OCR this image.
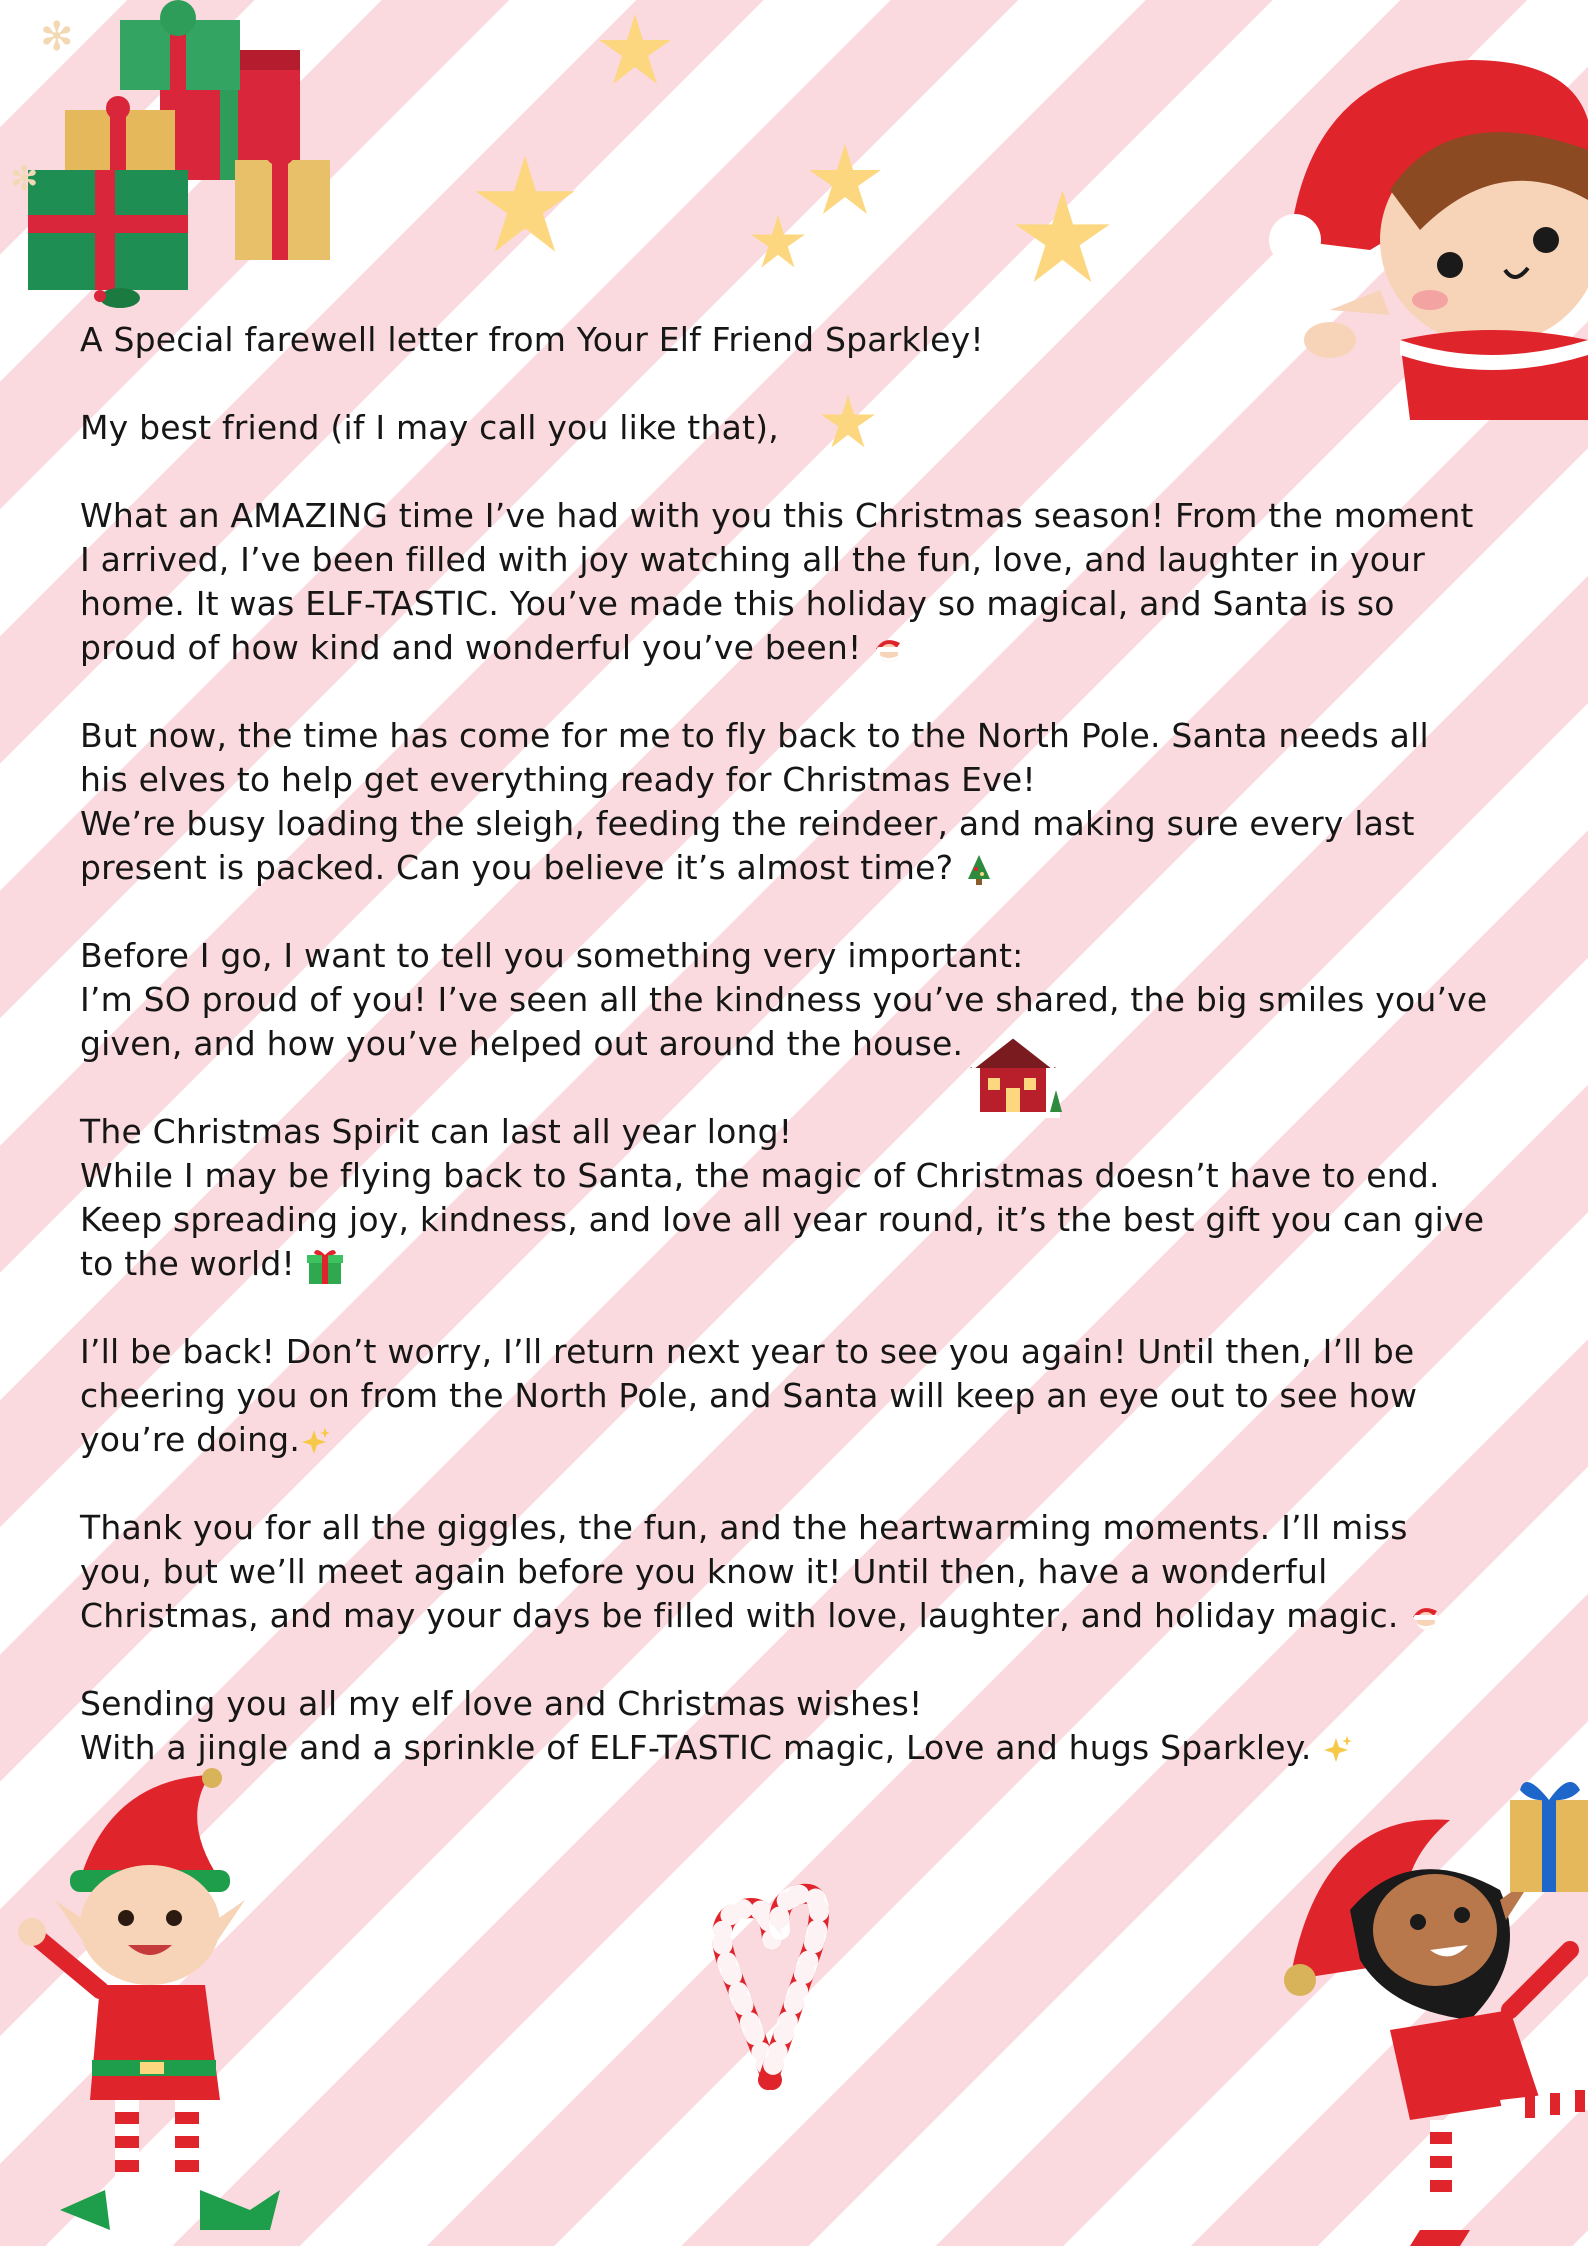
✻
✻

A Special farewell letter from Your Elf Friend Sparkley!

My best friend (if I may call you like that),

What an AMAZING time I’ve had with you this Christmas season! From the moment
I arrived, I’ve been filled with joy watching all the fun, love, and laughter in your
home. It was ELF-TASTIC. You’ve made this holiday so magical, and Santa is so
proud of how kind and wonderful you’ve been!

But now, the time has come for me to fly back to the North Pole. Santa needs all
his elves to help get everything ready for Christmas Eve!
We’re busy loading the sleigh, feeding the reindeer, and making sure every last
present is packed. Can you believe it’s almost time?

Before I go, I want to tell you something very important:
I’m SO proud of you! I’ve seen all the kindness you’ve shared, the big smiles you’ve
given, and how you’ve helped out around the house.

The Christmas Spirit can last all year long!
While I may be flying back to Santa, the magic of Christmas doesn’t have to end.
Keep spreading joy, kindness, and love all year round, it’s the best gift you can give
to the world!

I’ll be back! Don’t worry, I’ll return next year to see you again! Until then, I’ll be
cheering you on from the North Pole, and Santa will keep an eye out to see how
you’re doing.

Thank you for all the giggles, the fun, and the heartwarming moments. I’ll miss
you, but we’ll meet again before you know it! Until then, have a wonderful
Christmas, and may your days be filled with love, laughter, and holiday magic.

Sending you all my elf love and Christmas wishes!
With a jingle and a sprinkle of ELF-TASTIC magic, Love and hugs Sparkley.
